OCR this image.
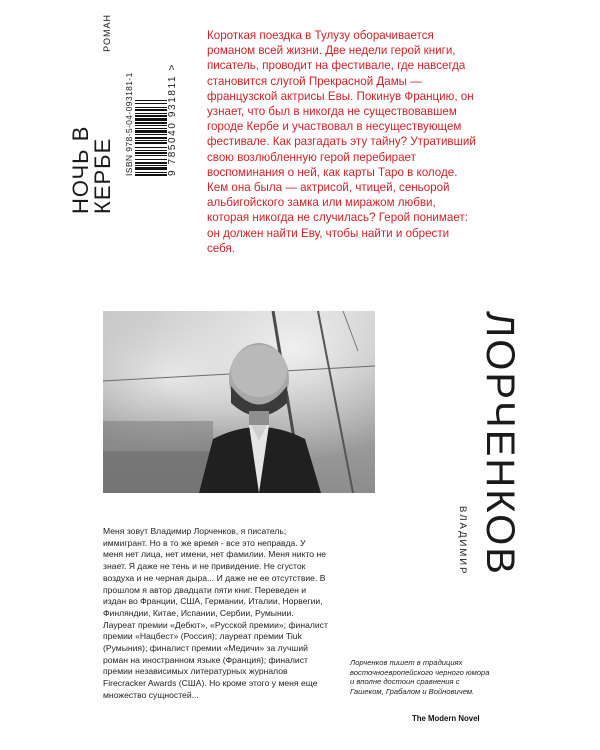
НОЧЬ В КЕРБЕ
РОМАН
ISBN 978-5-04-093181-1	9 785040 931811 >

Короткая поездка в Тулузу оборачивается романом всей жизни. Две недели герой книги, писатель, проводит на фестивале, где навсегда становится слугой Прекрасной Дамы — французской актрисы Евы. Покинув Францию, он узнает, что был в никогда не существовавшем городе Кербе и участвовал в несуществующем фестивале. Как разгадать эту тайну? Утративший свою возлюбленную герой перебирает воспоминания о ней, как карты Таро в колоде. Кем она была — актрисой, чтицей, сеньорой альбигойского замка или миражом любви, которая никогда не случилась? Герой понимает: он должен найти Еву, чтобы найти и обрести себя.

ЛОРЧЕНКОВ
ВЛАДИМИР

Меня зовут Владимир Лорченков, я писатель; иммигрант. Но в то же время - все это неправда. У меня нет лица, нет имени, нет фамилии. Меня никто не знает. Я даже не тень и не привидение. Не сгусток воздуха и не черная дыра... И даже не ее отсутствие. В прошлом я автор двадцати пяти книг. Переведен и издан во Франции, США, Германии, Италии, Норвегии, Финляндии, Китае, Испании, Сербии, Румынии. Лауреат премии «Дебют», «Русской премии»; финалист премии «Нацбест» (Россия); лауреат премии Tiuk (Румыния); финалист премии «Медичи» за лучший роман на иностранном языке (Франция); финалист премии независимых литературных журналов Firecracker Awards (США). Но кроме этого у меня еще множество сущностей...

Лорченков пишет в традициях восточноевропейского черного юмора и вполне достоин сравнения с Гашеком, Грабалом и Войновичем.
The Modern Novel
